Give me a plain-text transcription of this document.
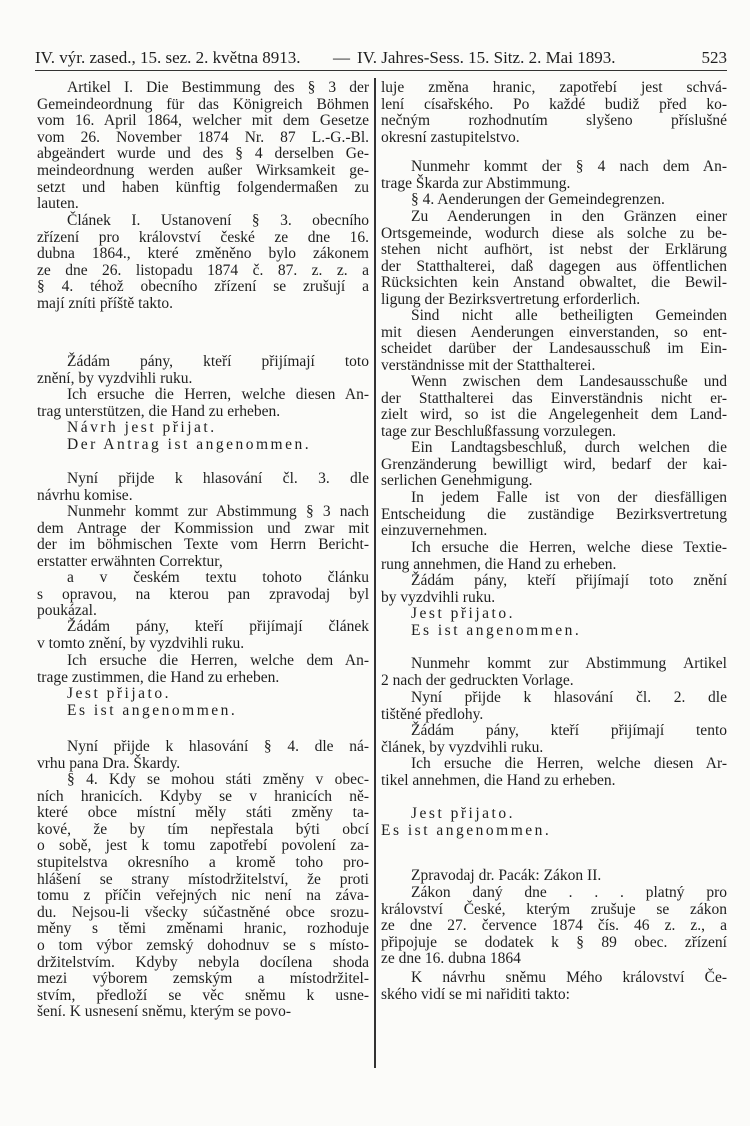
IV. výr. zased., 15. sez. 2. května 8913. — IV. Jahres-Sess. 15. Sitz. 2. Mai 1893.	523
Artikel I. Die Bestimmung des § 3 der
Gemeindeordnung für das Königreich Böhmen
vom 16. April 1864, welcher mit dem Gesetze
vom 26. November 1874 Nr. 87 L.-G.-Bl.
abgeändert wurde und des § 4 derselben Ge-
meindeordnung werden außer Wirksamkeit ge-
setzt und haben künftig folgendermaßen zu
lauten.
Článek I. Ustanovení § 3. obecního
zřízení pro království české ze dne 16.
dubna 1864., které změněno bylo zákonem
ze dne 26. listopadu 1874 č. 87. z. z. a
§ 4. téhož obecního zřízení se zrušují a
mají zníti příště takto.
Žádám pány, kteří přijímají toto
znění, by vyzdvihli ruku.
Ich ersuche die Herren, welche diesen An-
trag unterstützen, die Hand zu erheben.
Návrh jest přijat.
Der Antrag ist angenommen.
Nyní přijde k hlasování čl. 3. dle
návrhu komise.
Nunmehr kommt zur Abstimmung § 3 nach
dem Antrage der Kommission und zwar mit
der im böhmischen Texte vom Herrn Bericht-
erstatter erwähnten Correktur,
a v českém textu tohoto článku
s opravou, na kterou pan zpravodaj byl
poukázal.
Žádám pány, kteří přijímají článek
v tomto znění, by vyzdvihli ruku.
Ich ersuche die Herren, welche dem An-
trage zustimmen, die Hand zu erheben.
Jest přijato.
Es ist angenommen.
Nyní přijde k hlasování § 4. dle ná-
vrhu pana Dra. Škardy.
§ 4. Kdy se mohou státi změny v obec-
ních hranicích. Kdyby se v hranicích ně-
které obce místní měly státi změny ta-
kové, že by tím nepřestala býti obcí
o sobě, jest k tomu zapotřebí povolení za-
stupitelstva okresního a kromě toho pro-
hlášení se strany místodržitelství, že proti
tomu z příčin veřejných nic není na záva-
du. Nejsou-li všecky súčastněné obce srozu-
měny s těmi změnami hranic, rozhoduje
o tom výbor zemský dohodnuv se s místo-
držitelstvím. Kdyby nebyla docílena shoda
mezi výborem zemským a místodržitel-
stvím, předloží se věc sněmu k usne-
šení. K usnesení sněmu, kterým se povo-
luje změna hranic, zapotřebí jest schvá-
lení císařského. Po každé budiž před ko-
nečným rozhodnutím slyšeno příslušné
okresní zastupitelstvo.
Nunmehr kommt der § 4 nach dem An-
trage Škarda zur Abstimmung.
§ 4. Aenderungen der Gemeindegrenzen.
Zu Aenderungen in den Gränzen einer
Ortsgemeinde, wodurch diese als solche zu be-
stehen nicht aufhört, ist nebst der Erklärung
der Statthalterei, daß dagegen aus öffentlichen
Rücksichten kein Anstand obwaltet, die Bewil-
ligung der Bezirksvertretung erforderlich.
Sind nicht alle betheiligten Gemeinden
mit diesen Aenderungen einverstanden, so ent-
scheidet darüber der Landesausschuß im Ein-
verständnisse mit der Statthalterei.
Wenn zwischen dem Landesausschuße und
der Statthalterei das Einverständnis nicht er-
zielt wird, so ist die Angelegenheit dem Land-
tage zur Beschlußfassung vorzulegen.
Ein Landtagsbeschluß, durch welchen die
Grenzänderung bewilligt wird, bedarf der kai-
serlichen Genehmigung.
In jedem Falle ist von der diesfälligen
Entscheidung die zuständige Bezirksvertretung
einzuvernehmen.
Ich ersuche die Herren, welche diese Textie-
rung annehmen, die Hand zu erheben.
Žádám pány, kteří přijímají toto znění
by vyzdvihli ruku.
Jest přijato.
Es ist angenommen.
Nunmehr kommt zur Abstimmung Artikel
2 nach der gedruckten Vorlage.
Nyní přijde k hlasování čl. 2. dle
tištěné předlohy.
Žádám pány, kteří přijímají tento
článek, by vyzdvihli ruku.
Ich ersuche die Herren, welche diesen Ar-
tikel annehmen, die Hand zu erheben.
Jest přijato.
Es ist angenommen.
Zpravodaj dr. Pacák: Zákon II.
Zákon daný dne . . . platný pro
království České, kterým zrušuje se zákon
ze dne 27. července 1874 čís. 46 z. z., a
připojuje se dodatek k § 89 obec. zřízení
ze dne 16. dubna 1864
K návrhu sněmu Mého království Če-
ského vidí se mi nařiditi takto:
